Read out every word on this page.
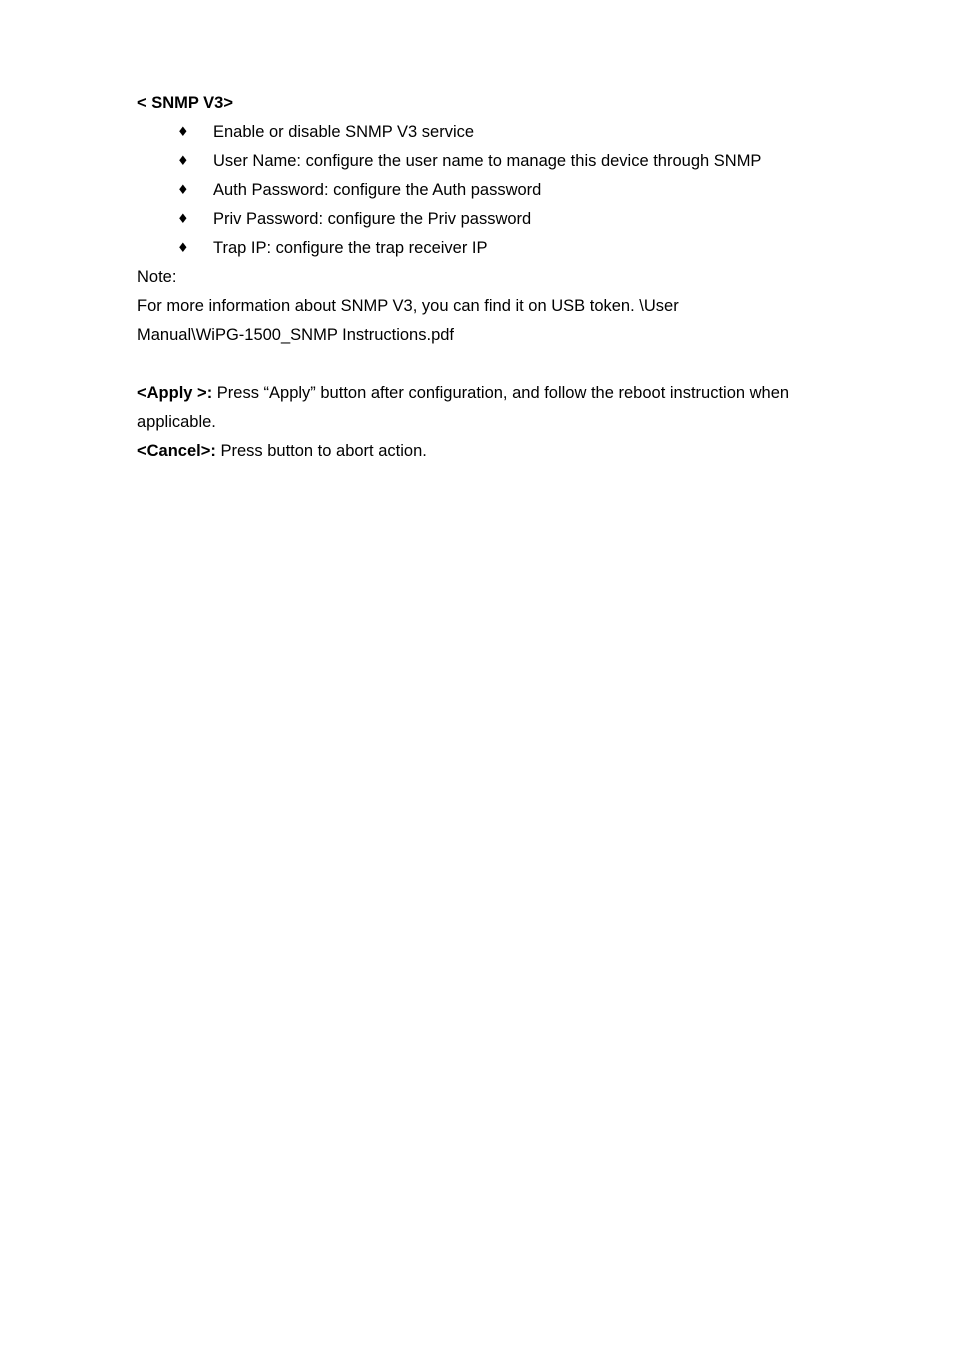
< SNMP V3>
♦ Enable or disable SNMP V3 service
♦ User Name: configure the user name to manage this device through SNMP
♦ Auth Password: configure the Auth password
♦ Priv Password: configure the Priv password
♦ Trap IP: configure the trap receiver IP
Note:
For more information about SNMP V3, you can find it on USB token. \User
Manual\WiPG-1500_SNMP Instructions.pdf
<Apply >: Press “Apply” button after configuration, and follow the reboot instruction when applicable.
<Cancel>: Press button to abort action.
